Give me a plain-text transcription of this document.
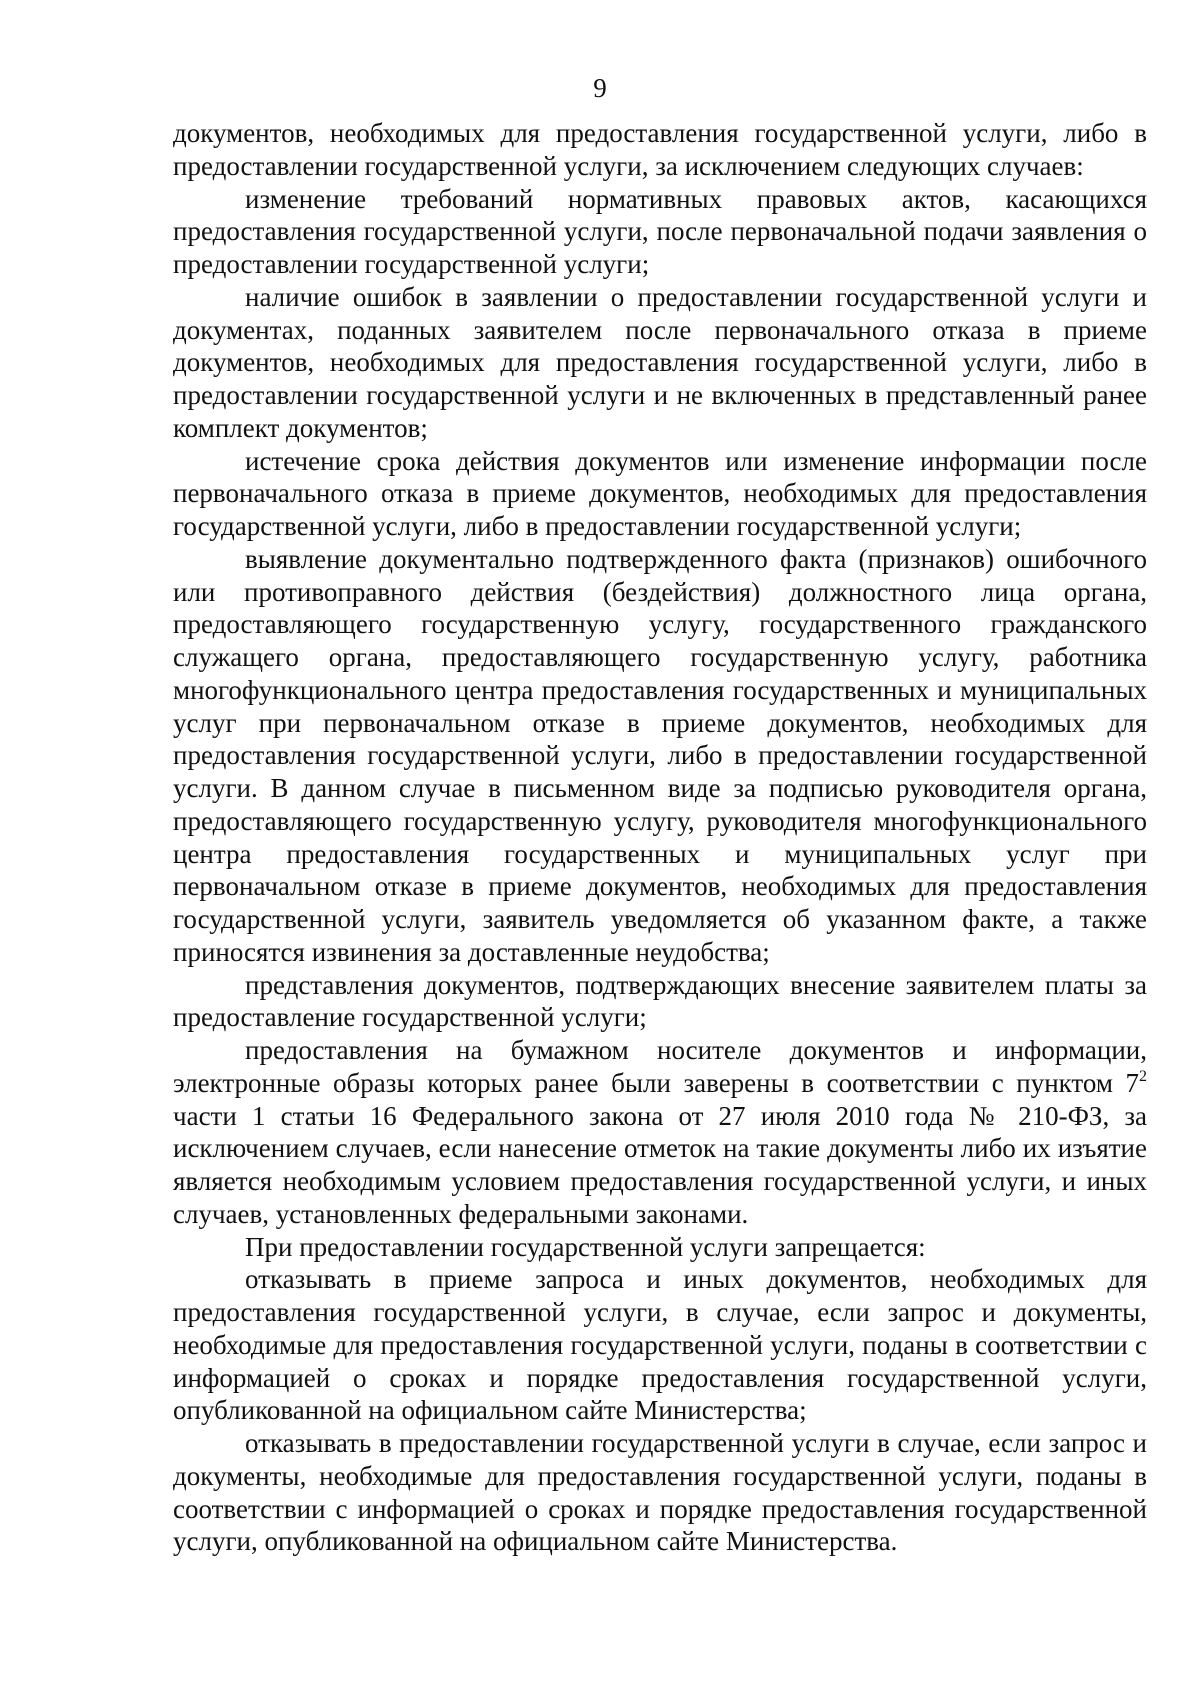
9

документов, необходимых для предоставления государственной услуги, либо в предоставлении государственной услуги, за исключением следующих случаев:

изменение требований нормативных правовых актов, касающихся предоставления государственной услуги, после первоначальной подачи заявления о предоставлении государственной услуги;

наличие ошибок в заявлении о предоставлении государственной услуги и документах, поданных заявителем после первоначального отказа в приеме документов, необходимых для предоставления государственной услуги, либо в предоставлении государственной услуги и не включенных в представленный ранее комплект документов;

истечение срока действия документов или изменение информации после первоначального отказа в приеме документов, необходимых для предоставления государственной услуги, либо в предоставлении государственной услуги;

выявление документально подтвержденного факта (признаков) ошибочного или противоправного действия (бездействия) должностного лица органа, предоставляющего государственную услугу, государственного гражданского служащего органа, предоставляющего государственную услугу, работника многофункционального центра предоставления государственных и муниципальных услуг при первоначальном отказе в приеме документов, необходимых для предоставления государственной услуги, либо в предоставлении государственной услуги. В данном случае в письменном виде за подписью руководителя органа, предоставляющего государственную услугу, руководителя многофункционального центра предоставления государственных и муниципальных услуг при первоначальном отказе в приеме документов, необходимых для предоставления государственной услуги, заявитель уведомляется об указанном факте, а также приносятся извинения за доставленные неудобства;

представления документов, подтверждающих внесение заявителем платы за предоставление государственной услуги;

предоставления на бумажном носителе документов и информации, электронные образы которых ранее были заверены в соответствии с пунктом $7^2$ части 1 статьи 16 Федерального закона от 27 июля 2010 года № 210-ФЗ, за исключением случаев, если нанесение отметок на такие документы либо их изъятие является необходимым условием предоставления государственной услуги, и иных случаев, установленных федеральными законами.

При предоставлении государственной услуги запрещается:

отказывать в приеме запроса и иных документов, необходимых для предоставления государственной услуги, в случае, если запрос и документы, необходимые для предоставления государственной услуги, поданы в соответствии с информацией о сроках и порядке предоставления государственной услуги, опубликованной на официальном сайте Министерства;

отказывать в предоставлении государственной услуги в случае, если запрос и документы, необходимые для предоставления государственной услуги, поданы в соответствии с информацией о сроках и порядке предоставления государственной услуги, опубликованной на официальном сайте Министерства.
